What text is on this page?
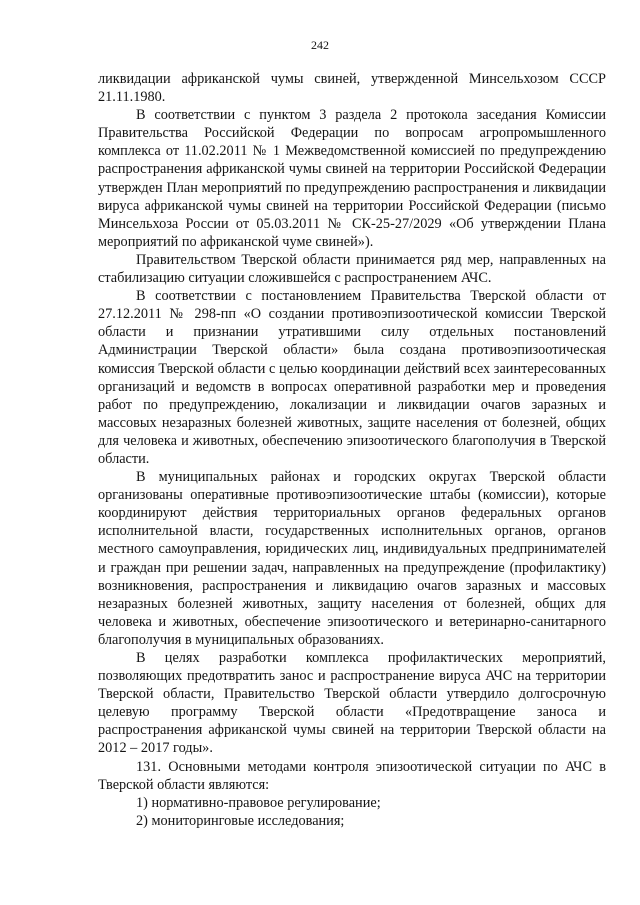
242

ликвидации африканской чумы свиней, утвержденной Минсельхозом СССР 21.11.1980.

В соответствии с пунктом 3 раздела 2 протокола заседания Комиссии Правительства Российской Федерации по вопросам агропромышленного комплекса от 11.02.2011 № 1 Межведомственной комиссией по предупреждению распространения африканской чумы свиней на территории Российской Федерации утвержден План мероприятий по предупреждению распространения и ликвидации вируса африканской чумы свиней на территории Российской Федерации (письмо Минсельхоза России от 05.03.2011 № СК-25-27/2029 «Об утверждении Плана мероприятий по африканской чуме свиней»).

Правительством Тверской области принимается ряд мер, направленных на стабилизацию ситуации сложившейся с распространением АЧС.

В соответствии с постановлением Правительства Тверской области от 27.12.2011 № 298-пп «О создании противоэпизоотической комиссии Тверской области и признании утратившими силу отдельных постановлений Администрации Тверской области» была создана противоэпизоотическая комиссия Тверской области с целью координации действий всех заинтересованных организаций и ведомств в вопросах оперативной разработки мер и проведения работ по предупреждению, локализации и ликвидации очагов заразных и массовых незаразных болезней животных, защите населения от болезней, общих для человека и животных, обеспечению эпизоотического благополучия в Тверской области.

В муниципальных районах и городских округах Тверской области организованы оперативные противоэпизоотические штабы (комиссии), которые координируют действия территориальных органов федеральных органов исполнительной власти, государственных исполнительных органов, органов местного самоуправления, юридических лиц, индивидуальных предпринимателей и граждан при решении задач, направленных на предупреждение (профилактику) возникновения, распространения и ликвидацию очагов заразных и массовых незаразных болезней животных, защиту населения от болезней, общих для человека и животных, обеспечение эпизоотического и ветеринарно-санитарного благополучия в муниципальных образованиях.

В целях разработки комплекса профилактических мероприятий, позволяющих предотвратить занос и распространение вируса АЧС на территории Тверской области, Правительство Тверской области утвердило долгосрочную целевую программу Тверской области «Предотвращение заноса и распространения африканской чумы свиней на территории Тверской области на 2012 – 2017 годы».

131. Основными методами контроля эпизоотической ситуации по АЧС в Тверской области являются:

1) нормативно-правовое регулирование;

2) мониторинговые исследования;
